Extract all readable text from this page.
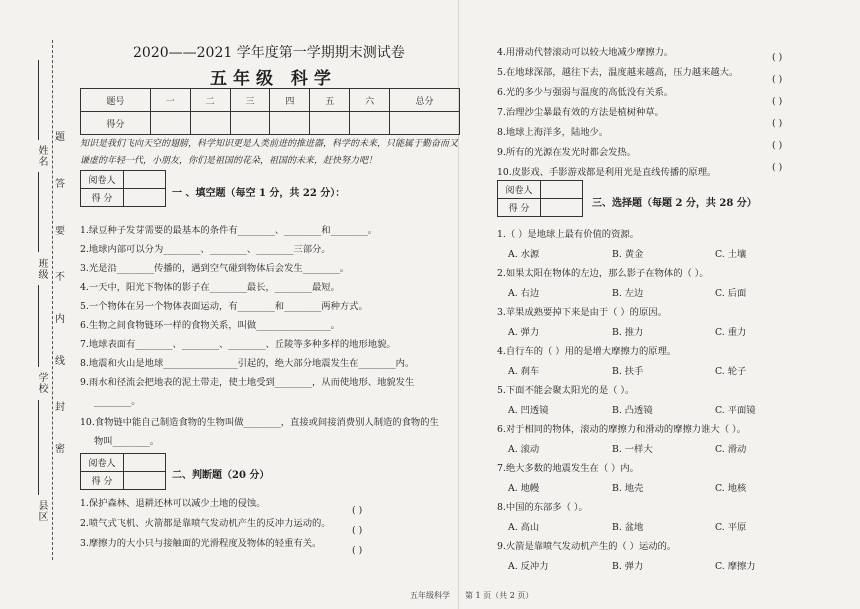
姓名
班级
学校
县区
题
答
要
不
内
线
封
密
2020——2021 学年度第一学期期末测试卷
五年级 科学
题号	一	二	三	四	五	六	总分
得分							
知识是我们飞向天空的翅膀，科学知识更是人类前进的推进器，科学的未来，只能属于勤奋而又谦虚的年轻一代，小朋友，你们是祖国的花朵，祖国的未来，赶快努力吧！
阅卷人	
得 分		一 、填空题（每空 1 分，共 22 分）：
1.绿豆种子发芽需要的最基本的条件有________、________和________。
2.地球内部可以分为________、________、________三部分。
3.光是沿________传播的，遇到空气碰到物体后会发生________。
4.一天中，阳光下物体的影子在________最长，________最短。
5.一个物体在另一个物体表面运动，有________和________两种方式。
6.生物之间食物链环一样的食物关系，叫做________________。
7.地球表面有________、________、________、丘陵等多种多样的地形地貌。
8.地震和火山是地球________________引起的，绝大部分地震发生在________内。
9.雨水和径流会把地表的泥土带走，使土地受到________，从而使地形、地貌发生
________。
10.食物链中能自己制造食物的生物叫做________，直接或间接消费别人制造的食物的生
物叫________。
阅卷人	
得 分	
二、判断题（20 分）
1.保护森林、退耕还林可以减少土地的侵蚀。
( )
2.喷气式飞机、火箭都是靠喷气发动机产生的反冲力运动的。
( )
3.摩擦力的大小只与接触面的光滑程度及物体的轻重有关。
( )
4.用滑动代替滚动可以较大地减少摩擦力。	( )
5.在地球深部，越往下去，温度越来越高，压力越来越大。
( )
6.光的多少与强弱与温度的高低没有关系。
( )
7.治理沙尘暴最有效的方法是植树种草。
( )
8.地球上海洋多，陆地少。
( )
9.所有的光源在发光时都会发热。
( )
10.皮影戏、手影游戏都是利用光是直线传播的原理。
阅卷人	
得 分		三、选择题（每题 2 分，共 28 分）
1.（ ）是地球上最有价值的资源。
A. 水源	B. 黄金	C. 土壤
2.如果太阳在物体的左边，那么影子在物体的（ ）。
A. 右边	B. 左边	C. 后面
3.苹果成熟要掉下来是由于（ ）的原因。
A. 弹力	B. 推力	C. 重力
4.自行车的（ ）用的是增大摩擦力的原理。
A. 刹车	B. 扶手	C. 轮子
5.下面不能会聚太阳光的是（ ）。
A. 凹透镜	B. 凸透镜	C. 平面镜
6.对于相同的物体，滚动的摩擦力和滑动的摩擦力谁大（ ）。
A. 滚动	B. 一样大	C. 滑动
7.绝大多数的地震发生在（ ）内。
A. 地幔	B. 地壳	C. 地核
8.中国的东部多（ ）。
A. 高山	B. 盆地	C. 平原
9.火箭是靠喷气发动机产生的（ ）运动的。
A. 反冲力	B. 弹力	C. 摩擦力
五年级科学 第 1 页（共 2 页）
